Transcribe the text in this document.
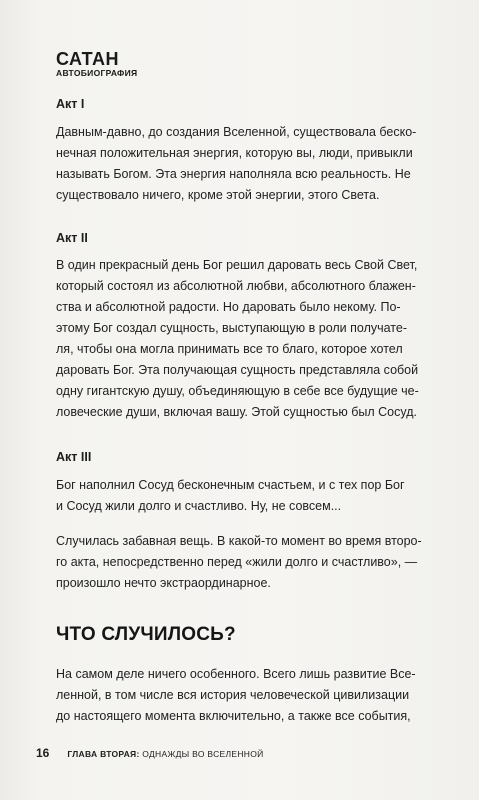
САТАН
АВТОБИОГРАФИЯ
Акт I

Давным-давно, до создания Вселенной, существовала беско-
нечная положительная энергия, которую вы, люди, привыкли
называть Богом. Эта энергия наполняла всю реальность. Не
существовало ничего, кроме этой энергии, этого Света.

Акт II

В один прекрасный день Бог решил даровать весь Свой Свет,
который состоял из абсолютной любви, абсолютного блажен-
ства и абсолютной радости. Но даровать было некому. По-
этому Бог создал сущность, выступающую в роли получате-
ля, чтобы она могла принимать все то благо, которое хотел
даровать Бог. Эта получающая сущность представляла собой
одну гигантскую душу, объединяющую в себе все будущие че-
ловеческие души, включая вашу. Этой сущностью был Сосуд.

Акт III

Бог наполнил Сосуд бесконечным счастьем, и с тех пор Бог
и Сосуд жили долго и счастливо. Ну, не совсем...

Случилась забавная вещь. В какой-то момент во время второ-
го акта, непосредственно перед «жили долго и счастливо», —
произошло нечто экстраординарное.

ЧТО СЛУЧИЛОСЬ?

На самом деле ничего особенного. Всего лишь развитие Все-
ленной, в том числе вся история человеческой цивилизации
до настоящего момента включительно, а также все события,

16 ГЛАВА ВТОРАЯ: ОДНАЖДЫ ВО ВСЕЛЕННОЙ
